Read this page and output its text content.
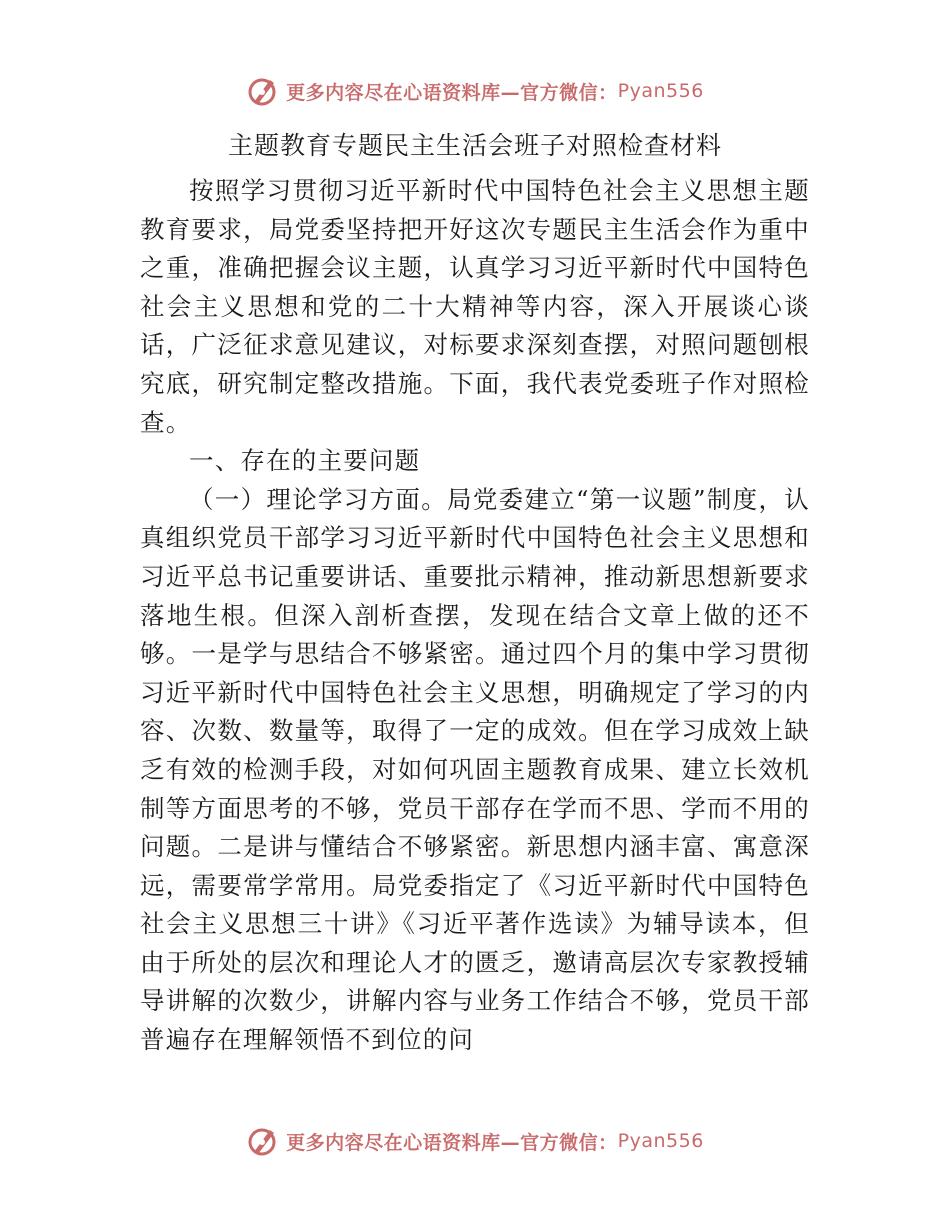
更多内容尽在心语资料库—官方微信： Pyan556
主题教育专题民主生活会班子对照检查材料

按照学习贯彻习近平新时代中国特色社会主义思想主题教育要求，局党委坚持把开好这次专题民主生活会作为重中之重，准确把握会议主题，认真学习习近平新时代中国特色社会主义思想和党的二十大精神等内容，深入开展谈心谈话，广泛征求意见建议，对标要求深刻查摆，对照问题刨根究底，研究制定整改措施。下面，我代表党委班子作对照检查。

一、存在的主要问题

（一）理论学习方面。局党委建立“第一议题”制度，认真组织党员干部学习习近平新时代中国特色社会主义思想和习近平总书记重要讲话、重要批示精神，推动新思想新要求落地生根。但深入剖析查摆，发现在结合文章上做的还不够。一是学与思结合不够紧密。通过四个月的集中学习贯彻习近平新时代中国特色社会主义思想，明确规定了学习的内容、次数、数量等，取得了一定的成效。但在学习成效上缺乏有效的检测手段，对如何巩固主题教育成果、建立长效机制等方面思考的不够，党员干部存在学而不思、学而不用的问题。二是讲与懂结合不够紧密。新思想内涵丰富、寓意深远，需要常学常用。局党委指定了《习近平新时代中国特色社会主义思想三十讲》《习近平著作选读》为辅导读本，但由于所处的层次和理论人才的匮乏，邀请高层次专家教授辅导讲解的次数少，讲解内容与业务工作结合不够，党员干部普遍存在理解领悟不到位的问

更多内容尽在心语资料库—官方微信： Pyan556
